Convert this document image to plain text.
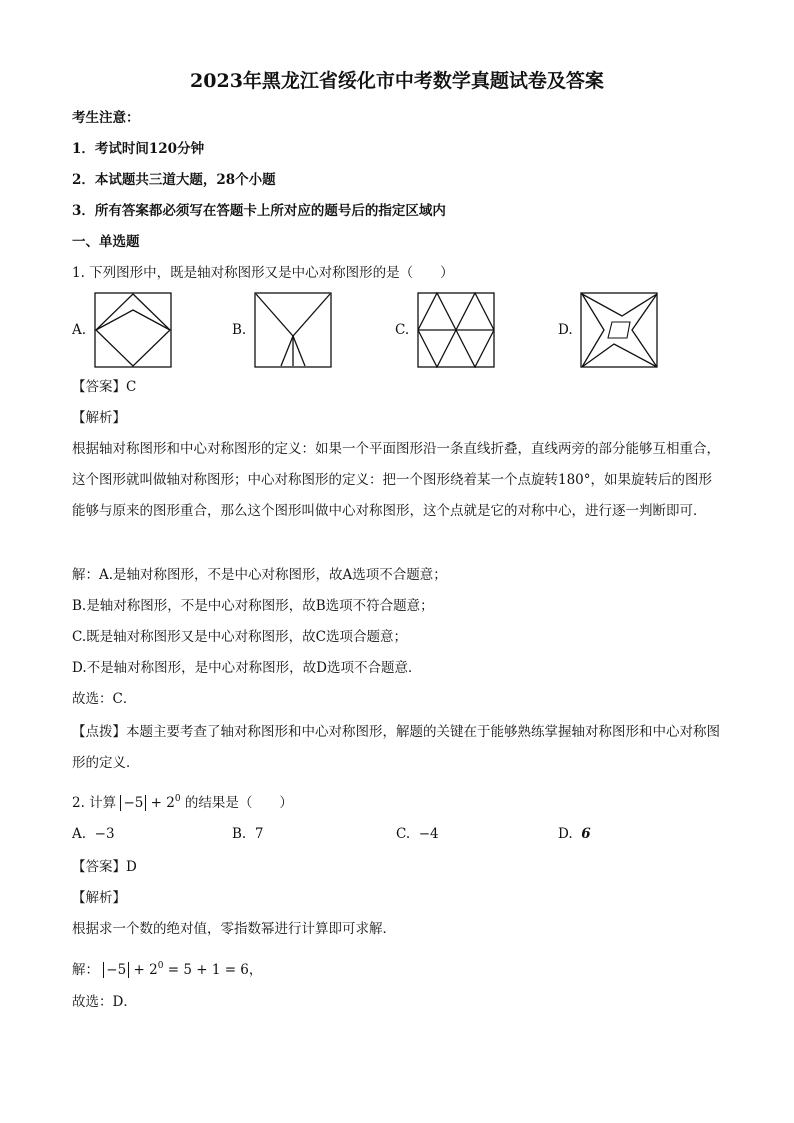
2023年黑龙江省绥化市中考数学真题试卷及答案
考生注意：
1．考试时间120分钟
2．本试题共三道大题，28个小题
3．所有答案都必须写在答题卡上所对应的题号后的指定区域内
一、单选题
1. 下列图形中，既是轴对称图形又是中心对称图形的是（　　）
A.	B.	C.	D.
【答案】C
【解析】
根据轴对称图形和中心对称图形的定义：如果一个平面图形沿一条直线折叠，直线两旁的部分能够互相重合，这个图形就叫做轴对称图形；中心对称图形的定义：把一个图形绕着某一个点旋转180°，如果旋转后的图形能够与原来的图形重合，那么这个图形叫做中心对称图形，这个点就是它的对称中心，进行逐一判断即可．
解：A.是轴对称图形，不是中心对称图形，故A选项不合题意；
B.是轴对称图形，不是中心对称图形，故B选项不符合题意；
C.既是轴对称图形又是中心对称图形，故C选项合题意；
D.不是轴对称图形，是中心对称图形，故D选项不合题意．
故选：C．
【点拨】本题主要考查了轴对称图形和中心对称图形，解题的关键在于能够熟练掌握轴对称图形和中心对称图形的定义．
2. 计算 $-5 + 2^0$ 的结果是（　　）
A. −3	B. 7	C. −4	D. 6
【答案】D
【解析】
根据求一个数的绝对值，零指数幂进行计算即可求解．
解： $-5 + 2^0 = 5 + 1 = 6$，
故选：D．
